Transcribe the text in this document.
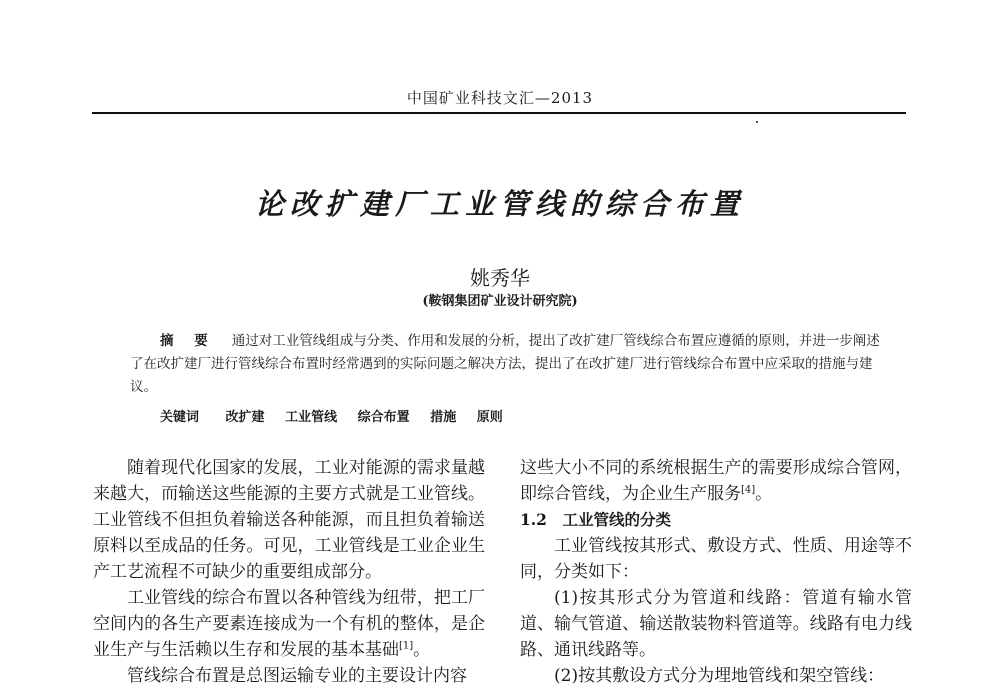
中国矿业科技文汇—2013
论改扩建厂工业管线的综合布置
姚秀华
(鞍钢集团矿业设计研究院)
摘 要 通过对工业管线组成与分类、作用和发展的分析，提出了改扩建厂管线综合布置应遵循的原则，并进一步阐述了在改扩建厂进行管线综合布置时经常遇到的实际问题之解决方法，提出了在改扩建厂进行管线综合布置中应采取的措施与建议。
关键词 改扩建 工业管线 综合布置 措施 原则

随着现代化国家的发展，工业对能源的需求量越来越大，而输送这些能源的主要方式就是工业管线。工业管线不但担负着输送各种能源，而且担负着输送原料以至成品的任务。可见，工业管线是工业企业生产工艺流程不可缺少的重要组成部分。

工业管线的综合布置以各种管线为纽带，把工厂空间内的各生产要素连接成为一个有机的整体，是企业生产与生活赖以生存和发展的基本基础[1]。

管线综合布置是总图运输专业的主要设计内容

这些大小不同的系统根据生产的需要形成综合管网，即综合管线，为企业生产服务[4]。

1.2　工业管线的分类

工业管线按其形式、敷设方式、性质、用途等不同，分类如下：

(1)按其形式分为管道和线路：管道有输水管道、输气管道、输送散装物料管道等。线路有电力线路、通讯线路等。

(2)按其敷设方式分为埋地管线和架空管线：
